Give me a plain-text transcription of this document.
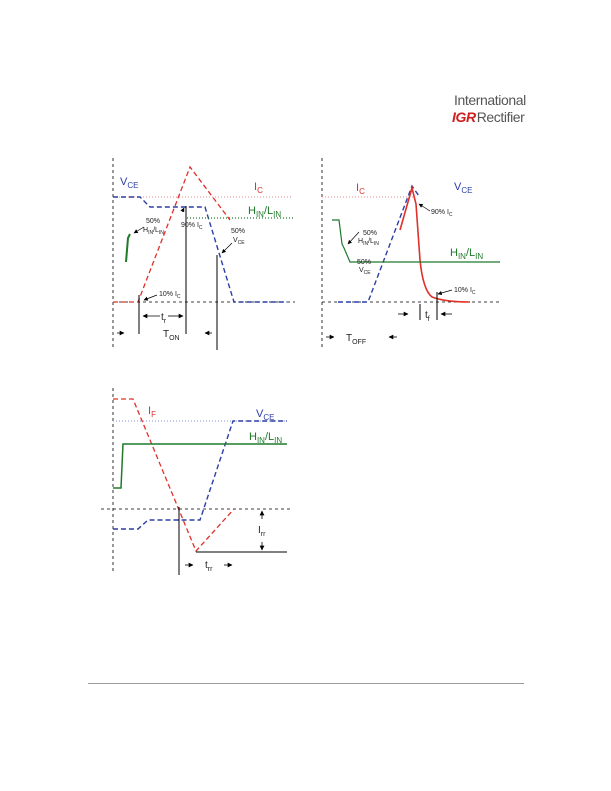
International
IGRRectifier
$V_{CE}$	$I_C$
$H_{IN}/L_{IN}$
50%
$H_{IN}/L_{IN}$
90% $I_C$	50%
$V_{CE}$
10% $I_C$
$t_r$
$T_{ON}$
$I_C$	$V_{CE}$
90% $I_C$
50%
$H_{IN}/L_{IN}$
50%
$V_{CE}$
$H_{IN}/L_{IN}$
10% $I_C$
$t_f$
$T_{OFF}$
$I_F$	$V_{CE}$
$H_{IN}/L_{IN}$
$I_{rr}$
$t_{rr}$
